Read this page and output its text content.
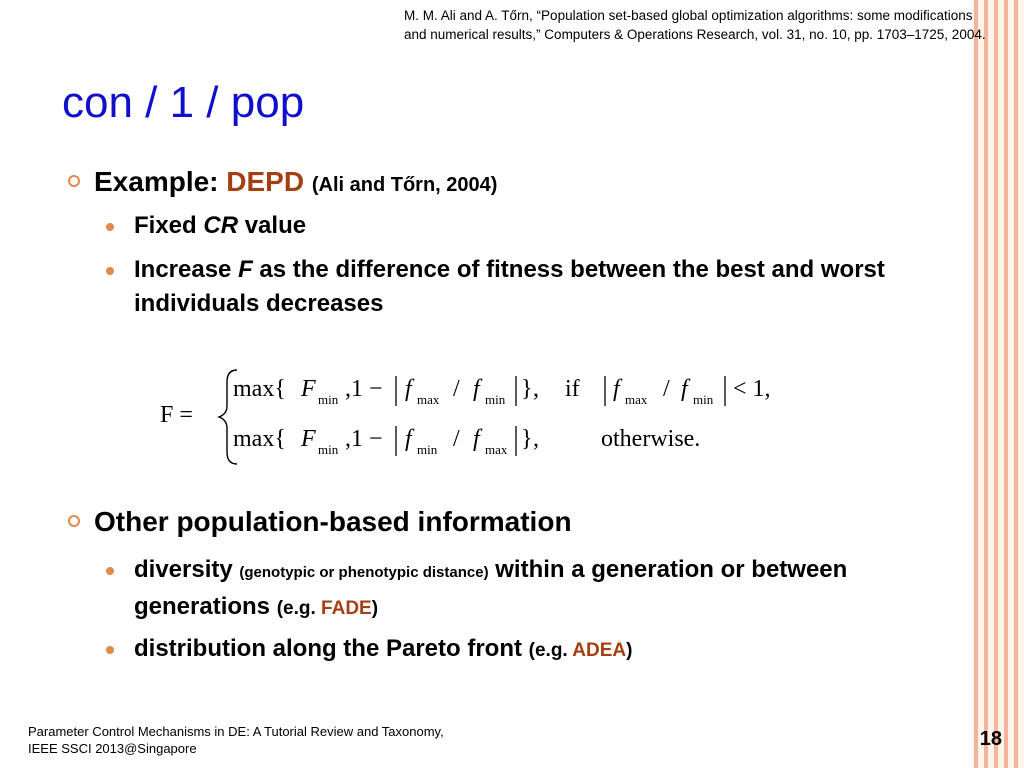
M. M. Ali and A. Tőrn, “Population set-based global optimization algorithms: some modifications
and numerical results,” Computers & Operations Research, vol. 31, no. 10, pp. 1703–1725, 2004.
con / 1 / pop
Example: DEPD (Ali and Tőrn, 2004)
Fixed CR value
Increase F as the difference of fitness between the best and worst individuals decreases
F =
max{ F min ,1 − f max / f min } , if f max / f min < 1,
max{ F min ,1 − f min / f max } ,	otherwise.
Other population-based information
diversity (genotypic or phenotypic distance) within a generation or between generations (e.g. FADE)
distribution along the Pareto front (e.g. ADEA)
Parameter Control Mechanisms in DE: A Tutorial Review and Taxonomy,
IEEE SSCI 2013@Singapore	18
